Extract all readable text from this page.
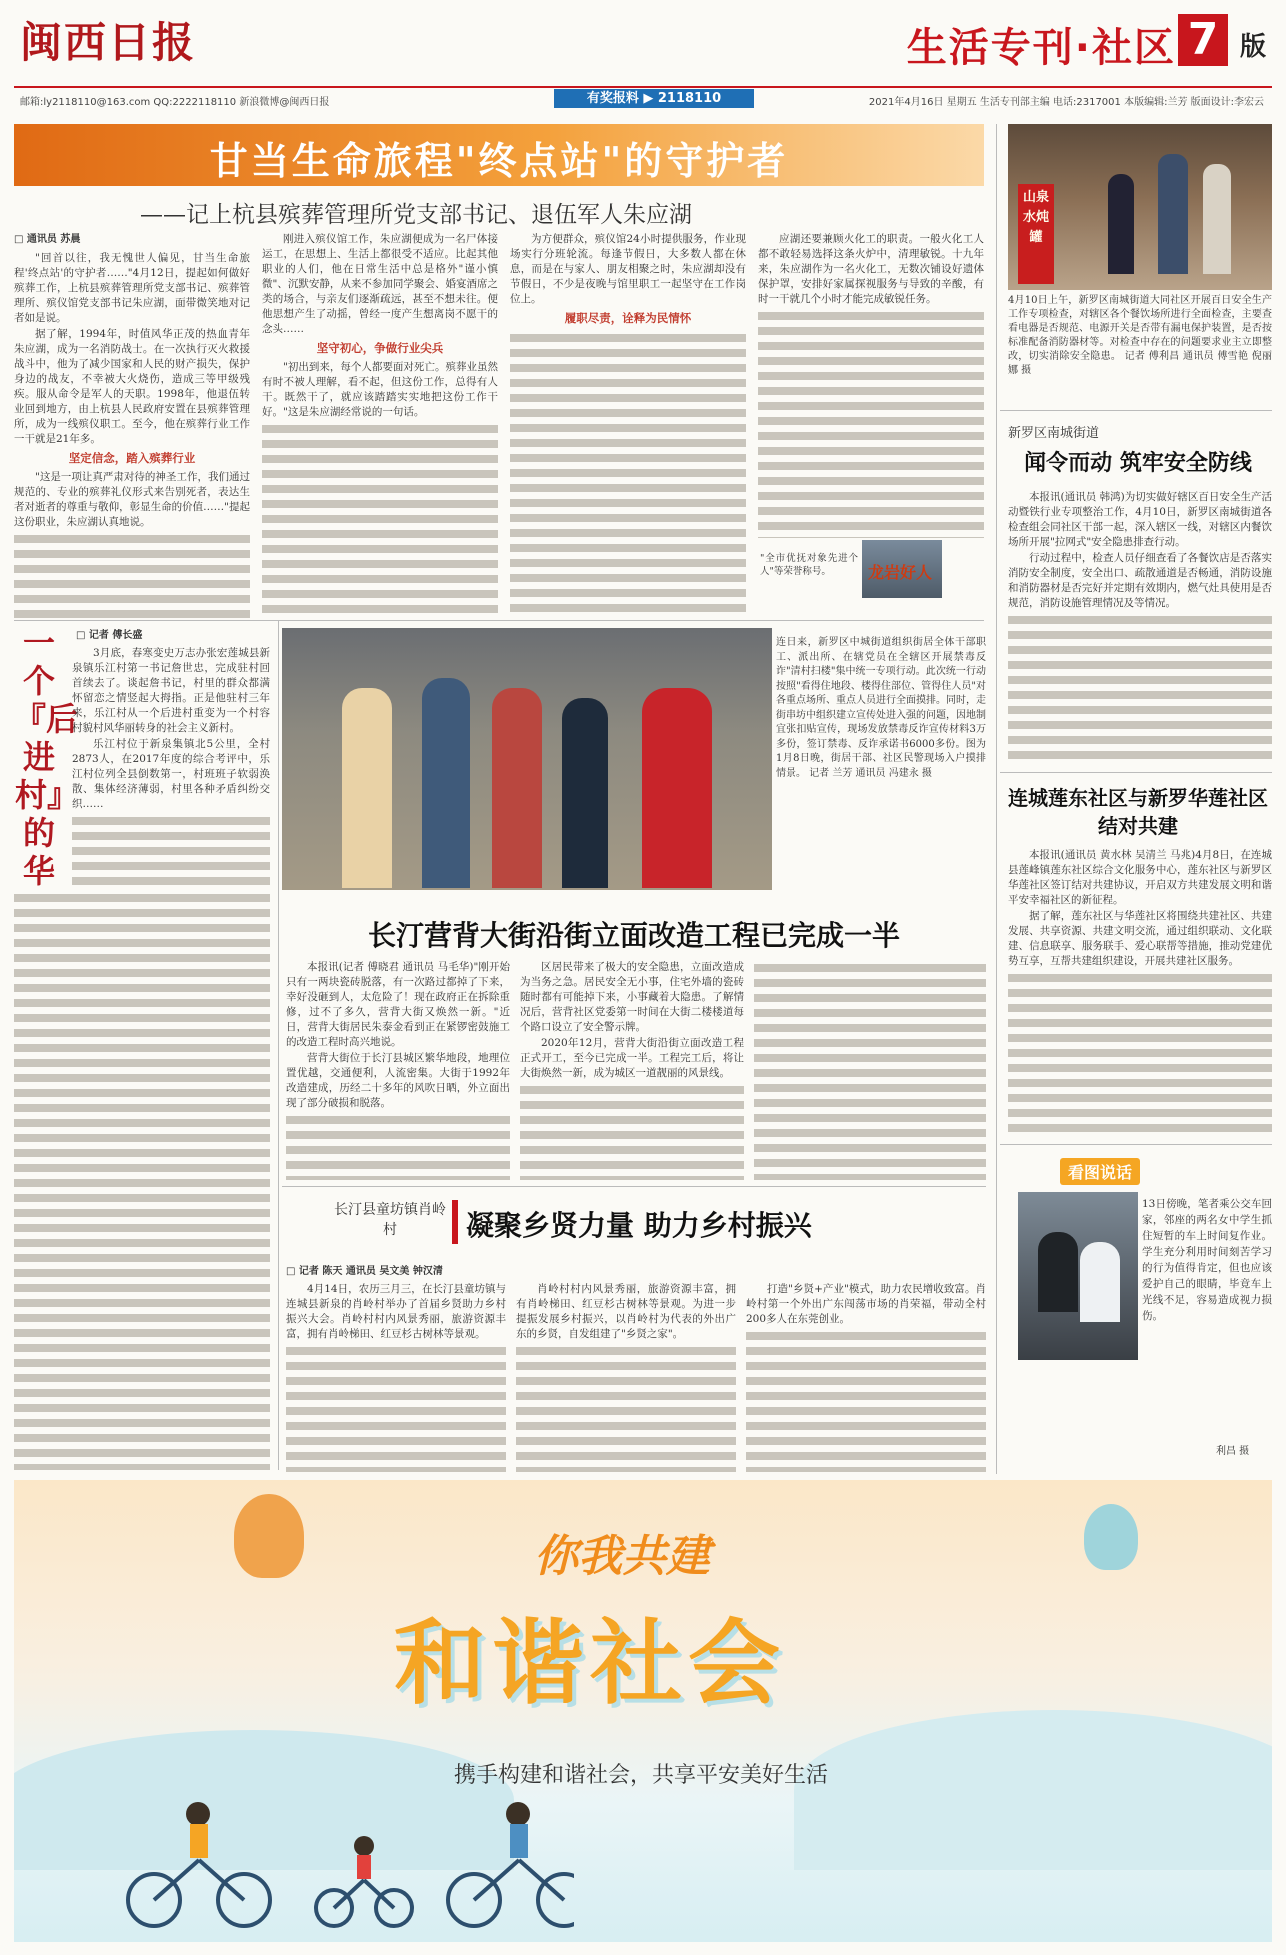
闽西日报	生活专刊·社区 7 版
邮箱:ly2118110@163.com QQ:2222118110 新浪微博@闽西日报	有奖报料 ▶ 2118110	2021年4月16日 星期五 生活专刊部主编 电话:2317001 本版编辑:兰芳 版面设计:李宏云
甘当生命旅程"终点站"的守护者
——记上杭县殡葬管理所党支部书记、退伍军人朱应湖
□ 通讯员 苏晨

"回首以往，我无愧世人偏见，甘当生命旅程'终点站'的守护者……"4月12日，提起如何做好殡葬工作，上杭县殡葬管理所党支部书记、殡葬管理所、殡仪馆党支部书记朱应湖，面带微笑地对记者如是说。

据了解，1994年，时值风华正茂的热血青年朱应湖，成为一名消防战士。在一次执行灭火救援战斗中，他为了减少国家和人民的财产损失，保护身边的战友，不幸被大火烧伤，造成三等甲级残疾。服从命令是军人的天职。1998年，他退伍转业回到地方，由上杭县人民政府安置在县殡葬管理所，成为一线殡仪职工。至今，他在殡葬行业工作一干就是21年多。

坚定信念，踏入殡葬行业

"这是一项让真严肃对待的神圣工作，我们通过规范的、专业的殡葬礼仪形式来告别死者，表达生者对逝者的尊重与敬仰，彰显生命的价值……"提起这份职业，朱应湖认真地说。

刚进入殡仪馆工作，朱应湖便成为一名尸体接运工，在思想上、生活上都很受不适应。比起其他职业的人们，他在日常生活中总是格外"谨小慎微"、沉默安静，从来不参加同学聚会、婚宴酒席之类的场合，与亲友们逐渐疏远，甚至不想未往。便他思想产生了动摇，曾经一度产生想离岗不愿干的念头……

坚守初心，争做行业尖兵

"初出到来，每个人都要面对死亡。殡葬业虽然有时不被人理解，看不起，但这份工作，总得有人干。既然干了，就应该踏踏实实地把这份工作干好。"这是朱应湖经常说的一句话。

为方便群众，殡仪馆24小时提供服务，作业现场实行分班轮流。每逢节假日，大多数人都在休息，而是在与家人、朋友相聚之时，朱应湖却没有节假日，不少是夜晚与馆里职工一起坚守在工作岗位上。

履职尽责，诠释为民情怀

应湖还要兼顾火化工的职责。一般火化工人都不敢轻易选择这条火炉中，清理敏锐。十九年来，朱应湖作为一名火化工，无数次铺设好遗体保护罩，安排好家属探视服务与导致的辛酸，有时一干就几个小时才能完成敏锐任务。

"全市优抚对象先进个人"等荣誉称号。	龙岩好人
山泉水炖罐
4月10日上午，新罗区南城街道大同社区开展百日安全生产工作专项检查，对辖区各个餐饮场所进行全面检查，主要查看电器是否规范、电源开关是否带有漏电保护装置，是否按标准配备消防器材等。对检查中存在的问题要求业主立即整改，切实消除安全隐患。 记者 傅利昌 通讯员 傅雪艳 倪丽娜 摄
新罗区南城街道
闻令而动 筑牢安全防线

本报讯(通讯员 韩鸿)为切实做好辖区百日安全生产活动暨铁行业专项整治工作，4月10日，新罗区南城街道各检查组会同社区干部一起，深入辖区一线，对辖区内餐饮场所开展"拉网式"安全隐患排查行动。

行动过程中，检查人员仔细查看了各餐饮店是否落实消防安全制度，安全出口、疏散通道是否畅通，消防设施和消防器材是否完好并定期有效期内，燃气灶具使用是否规范，消防设施管理情况及等情况。

连城莲东社区与新罗华莲社区结对共建

本报讯(通讯员 黄水林 吴清兰 马兆)4月8日，在连城县莲峰镇莲东社区综合文化服务中心，莲东社区与新罗区华莲社区签订结对共建协议，开启双方共建发展文明和谐平安幸福社区的新征程。

据了解，莲东社区与华莲社区将围绕共建社区、共建发展、共享资源、共建文明交流，通过组织联动、文化联建、信息联享、服务联手、爱心联帮等措施，推动党建优势互享，互帮共建组织建设，开展共建社区服务。

□ 记者 傅长盛
一个『后进村』的华

3月底，春寒变史万志办张宏莲城县新泉镇乐江村第一书记詹世忠，完成驻村回首续去了。谈起詹书记，村里的群众都满怀留恋之情竖起大拇指。正是他驻村三年来，乐江村从一个后进村重变为一个村容村貌村风华丽转身的社会主义新村。

乐江村位于新泉集镇北5公里，全村2873人，在2017年度的综合考评中，乐江村位列全县倒数第一，村班班子软弱涣散、集体经济薄弱，村里各种矛盾纠纷交织……

连日来，新罗区中城街道组织街居全体干部职工、派出所、在辖党员在全辖区开展禁毒反诈"清村扫楼"集中统一专项行动。此次统一行动按照"看得住地段、楼得住部位、管得住人员"对各重点场所、重点人员进行全面摸排。同时，走街串坊中组织建立宣传处进入强的问题，因地制宜张扣贴宣传，现场发放禁毒反诈宣传材料3万多份，签订禁毒、反诈承诺书6000多份。图为1月8日晚，街居干部、社区民警现场入户摸排情景。 记者 兰芳 通讯员 冯建永 摄
长汀营背大街沿街立面改造工程已完成一半

本报讯(记者 傅晓君 通讯员 马毛华)"刚开始只有一两块瓷砖脱落，有一次路过都掉了下来，幸好没砸到人，太危险了！现在政府正在拆除重修，过不了多久，营背大街又焕然一新。"近日，营背大街居民朱泰金看到正在紧锣密鼓施工的改造工程时高兴地说。

营背大街位于长汀县城区繁华地段，地理位置优越，交通便利，人流密集。大街于1992年改造建成，历经二十多年的风吹日晒，外立面出现了部分破损和脱落。

区居民带来了极大的安全隐患，立面改造成为当务之急。居民安全无小事，住宅外墙的瓷砖随时都有可能掉下来，小事藏着大隐患。了解情况后，营背社区党委第一时间在大街二楼楼道每个路口设立了安全警示牌。

2020年12月，营背大街沿街立面改造工程正式开工，至今已完成一半。工程完工后，将让大街焕然一新，成为城区一道靓丽的风景线。

长汀县童坊镇肖岭村	凝聚乡贤力量 助力乡村振兴
□ 记者 陈天 通讯员 吴文美 钟汉清

4月14日，农历三月三，在长汀县童坊镇与连城县新泉的肖岭村举办了首届乡贤助力乡村振兴大会。肖岭村村内风景秀丽，旅游资源丰富，拥有肖岭梯田、红豆杉古树林等景观。

肖岭村村内风景秀丽，旅游资源丰富，拥有肖岭梯田、红豆杉古树林等景观。为进一步提振发展乡村振兴，以肖岭村为代表的外出广东的乡贤，自发组建了"乡贤之家"。

打造"乡贤+产业"模式，助力农民增收致富。肖岭村第一个外出广东闯荡市场的肖荣福，带动全村200多人在东莞创业。

看图说话
13日傍晚，笔者乘公交车回家，邻座的两名女中学生抓住短暂的车上时间复作业。学生充分利用时间刻苦学习的行为值得肯定，但也应该爱护自己的眼睛，毕竟车上光线不足，容易造成视力损伤。
利昌 摄
你我共建
和谐社会
携手构建和谐社会，共享平安美好生活
